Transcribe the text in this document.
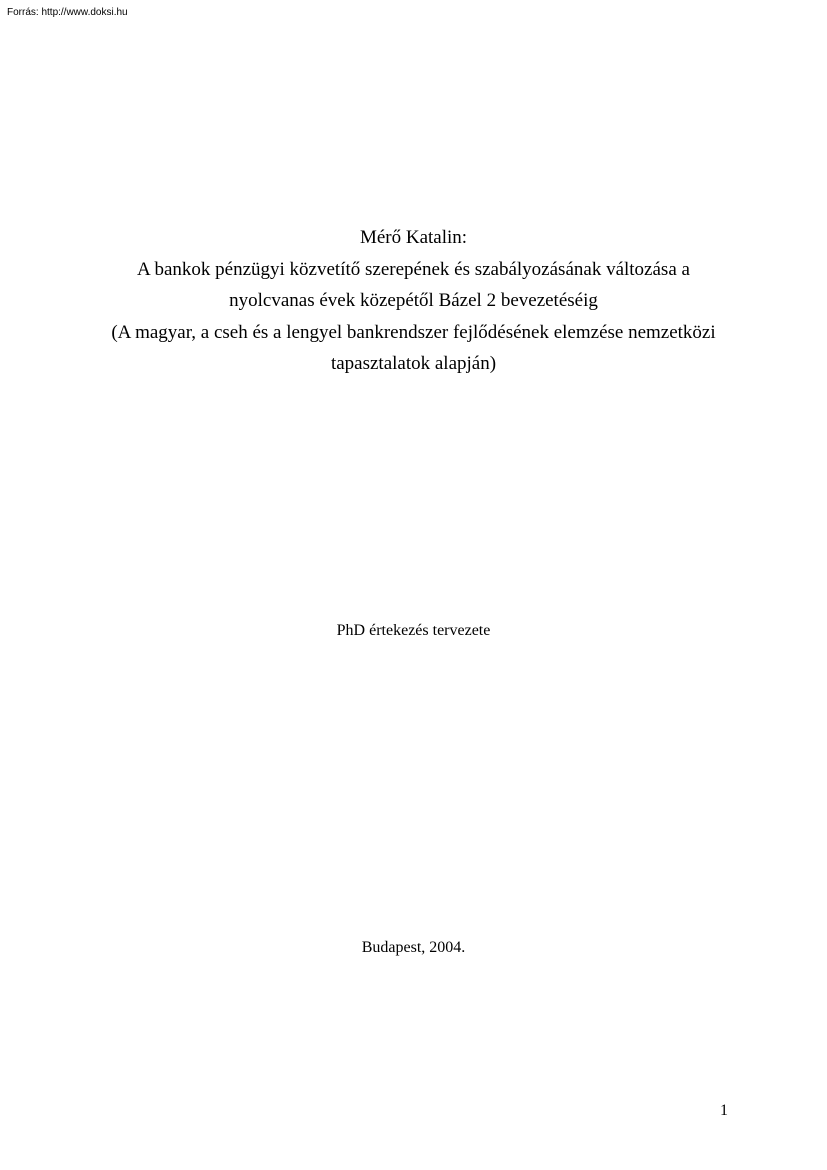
Forrás: http://www.doksi.hu
Mérő Katalin:
A bankok pénzügyi közvetítő szerepének és szabályozásának változása a
nyolcvanas évek közepétől Bázel 2 bevezetéséig
(A magyar, a cseh és a lengyel bankrendszer fejlődésének elemzése nemzetközi
tapasztalatok alapján)
PhD értekezés tervezete
Budapest, 2004.
1
